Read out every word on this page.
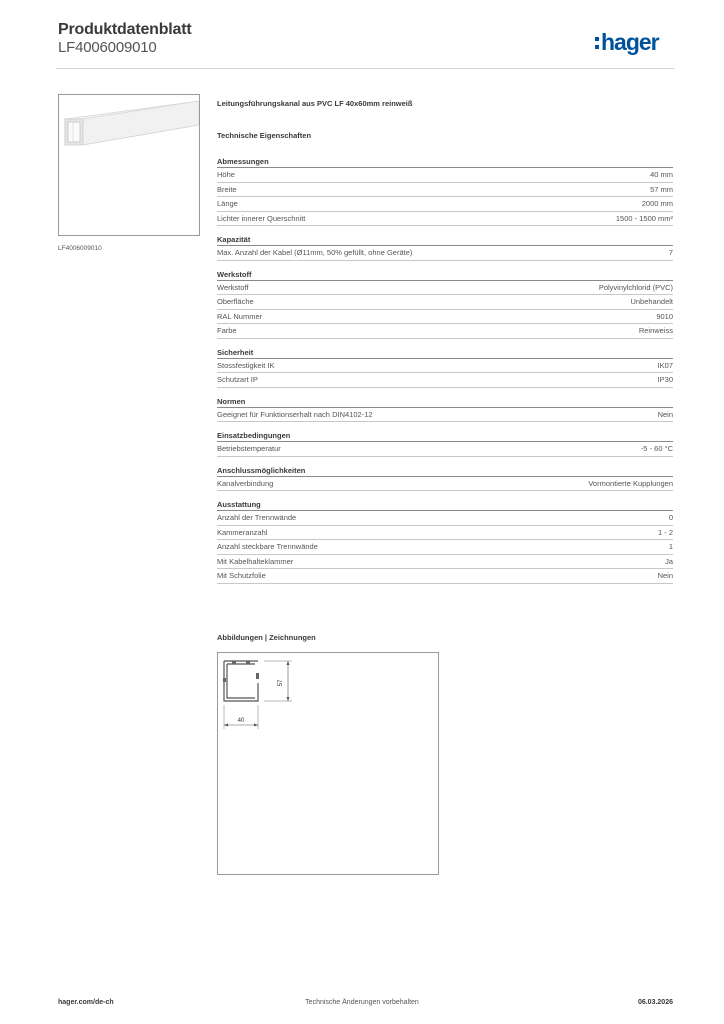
Produktdatenblatt
LF4006009010	hager
LF4006009010
Leitungsführungskanal aus PVC LF 40x60mm reinweiß
Technische Eigenschaften
Abmessungen
Höhe	40 mm
Breite	57 mm
Länge	2000 mm
Lichter innerer Querschnitt	1500 - 1500 mm²
Kapazität
Max. Anzahl der Kabel (Ø11mm, 50% gefüllt, ohne Geräte)	7
Werkstoff
Werkstoff	Polyvinylchlorid (PVC)
Oberfläche	Unbehandelt
RAL Nummer	9010
Farbe	Reinweiss
Sicherheit
Stossfestigkeit IK	IK07
Schutzart IP	IP30
Normen
Geeignet für Funktionserhalt nach DIN4102-12	Nein
Einsatzbedingungen
Betriebstemperatur	-5 - 60 °C
Anschlussmöglichkeiten
Kanalverbindung	Vormontierte Kupplungen
Ausstattung
Anzahl der Trennwände	0
Kammeranzahl	1 - 2
Anzahl steckbare Trennwände	1
Mit Kabelhalteklammer	Ja
Mit Schutzfolie	Nein
Abbildungen | Zeichnungen
57
40
hager.com/de-ch	Technische Änderungen vorbehalten	06.03.2026
